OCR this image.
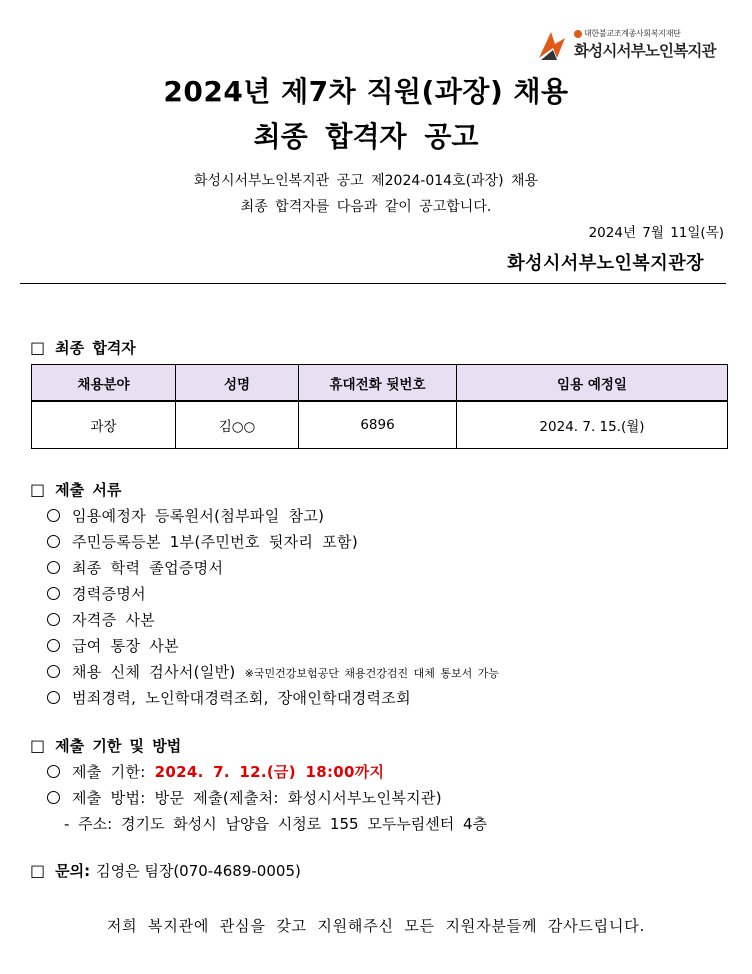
대한불교조계종사회복지재단
화성시서부노인복지관
2024년 제7차 직원(과장) 채용
최종 합격자 공고
화성시서부노인복지관 공고 제2024-014호(과장) 채용
최종 합격자를 다음과 같이 공고합니다.
2024년 7월 11일(목)
화성시서부노인복지관장
□ 최종 합격자
채용분야	성명	휴대전화 뒷번호	임용 예정일
과장	김○○	6896	2024. 7. 15.(월)
□ 제출 서류
임용예정자 등록원서(첨부파일 참고)
주민등록등본 1부(주민번호 뒷자리 포함)
최종 학력 졸업증명서
경력증명서
자격증 사본
급여 통장 사본
채용 신체 검사서(일반) ※국민건강보험공단 채용건강검진 대체 통보서 가능
범죄경력, 노인학대경력조회, 장애인학대경력조회
□ 제출 기한 및 방법
제출 기한: 2024. 7. 12.(금) 18:00까지
제출 방법: 방문 제출(제출처: 화성시서부노인복지관)
- 주소: 경기도 화성시 남양읍 시청로 155 모두누림센터 4층
□ 문의: 김영은 팀장(070-4689-0005)
저희 복지관에 관심을 갖고 지원해주신 모든 지원자분들께 감사드립니다.
